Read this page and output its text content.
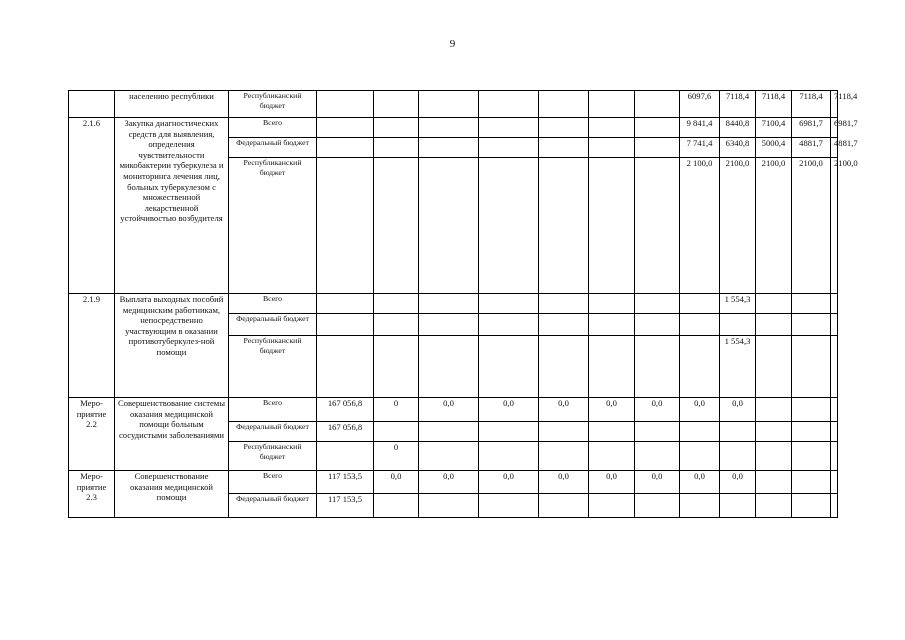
9
	населению республики	Республиканский бюджет								6097,6	7118,4	7118,4	7118,4	7118,4
2.1.6	Закупка диагностических средств для выявления, определения чувствительности микобактерии туберкулеза и мониторинга лечения лиц, больных туберкулезом с множественной лекарственной устойчивостью возбудителя	Всего								9 841,4	8440,8	7100,4	6981,7	6981,7
		Федеральный бюджет								7 741,4	6340,8	5000,4	4881,7	4881,7
		Республиканский бюджет								2 100,0	2100,0	2100,0	2100,0	2100,0
2.1.9	Выплата выходных пособий медицинским работникам, непосредственно участвующим в оказании противотуберкулез-ной помощи	Всего									1 554,3			
		Федеральный бюджет												
		Республиканский бюджет									1 554,3			
Меро-приятие 2.2	Совершенствование системы оказания медицинской помощи больным сосудистыми заболеваниями	Всего	167 056,8	0	0,0	0,0	0,0	0,0	0,0	0,0	0,0			
		Федеральный бюджет	167 056,8											
		Республиканский бюджет		0										
Меро-приятие 2.3	Совершенствование оказания медицинской помощи	Всего	117 153,5	0,0	0,0	0,0	0,0	0,0	0,0	0,0	0,0			
		Федеральный бюджет	117 153,5											
